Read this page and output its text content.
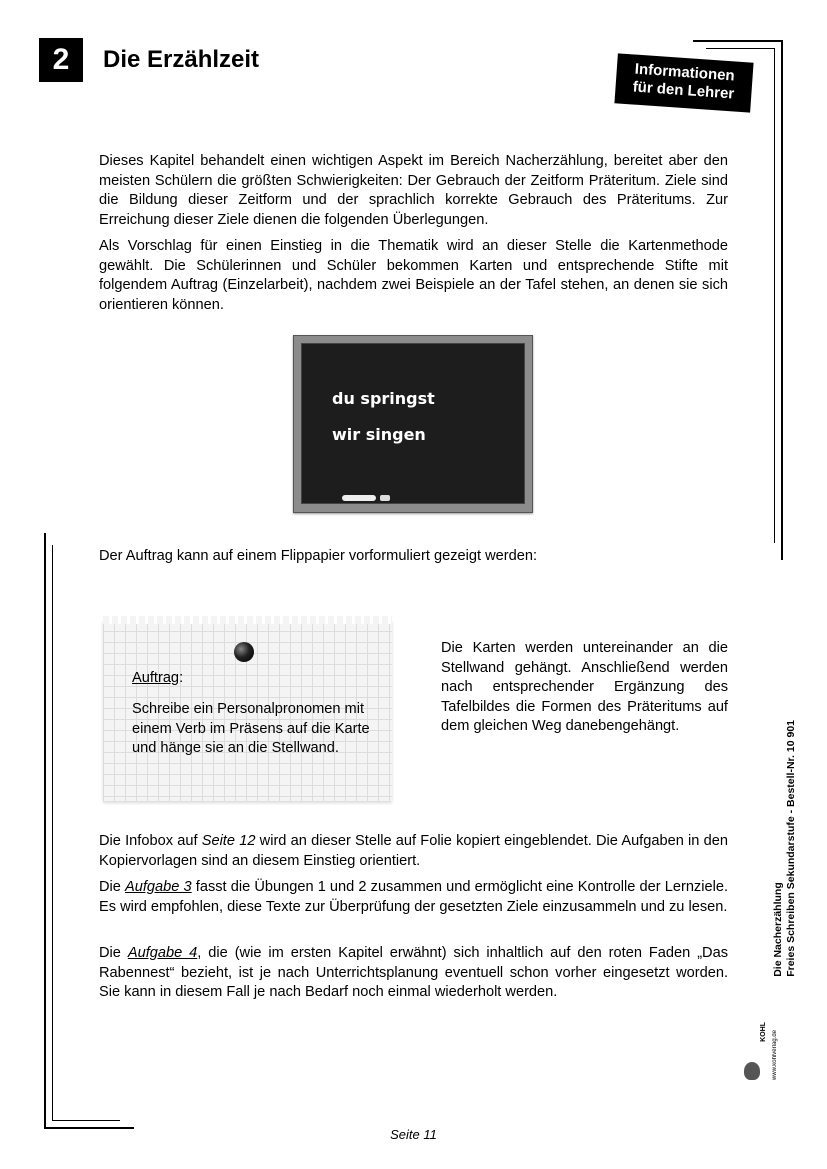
2	Die Erzählzeit	Informationen
für den Lehrer

Dieses Kapitel behandelt einen wichtigen Aspekt im Bereich Nacherzählung, bereitet aber den meisten Schülern die größten Schwierigkeiten: Der Gebrauch der Zeitform Präteritum. Ziele sind die Bildung dieser Zeitform und der sprachlich korrekte Gebrauch des Präteritums. Zur Erreichung dieser Ziele dienen die folgenden Überlegungen.

Als Vorschlag für einen Einstieg in die Thematik wird an dieser Stelle die Kartenmethode gewählt. Die Schülerinnen und Schüler bekommen Karten und entsprechende Stifte mit folgendem Auftrag (Einzelarbeit), nachdem zwei Beispiele an der Tafel stehen, an denen sie sich orientieren können.

du springst
wir singen

Der Auftrag kann auf einem Flippapier vorformuliert gezeigt werden:

Auftrag:
Schreibe ein Personalpronomen mit einem Verb im Präsens auf die Karte und hänge sie an die Stellwand.

Die Karten werden untereinander an die Stellwand gehängt. Anschließend werden nach entsprechender Ergänzung des Tafelbildes die Formen des Präteritums auf dem gleichen Weg danebengehängt.

Die Infobox auf Seite 12 wird an dieser Stelle auf Folie kopiert eingeblendet. Die Aufgaben in den Kopiervorlagen sind an diesem Einstieg orientiert.

Die Aufgabe 3 fasst die Übungen 1 und 2 zusammen und ermöglicht eine Kontrolle der Lernziele. Es wird empfohlen, diese Texte zur Überprüfung der gesetzten Ziele einzusammeln und zu lesen.

Die Aufgabe 4, die (wie im ersten Kapitel erwähnt) sich inhaltlich auf den roten Faden „Das Rabennest“ bezieht, ist je nach Unterrichtsplanung eventuell schon vorher eingesetzt worden. Sie kann in diesem Fall je nach Bedarf noch einmal wiederholt werden.

Die Nacherzählung Freies Schreiben Sekundarstufe - Bestell-Nr. 10 901
KOHL www.kohlverlag.de
Seite 11
